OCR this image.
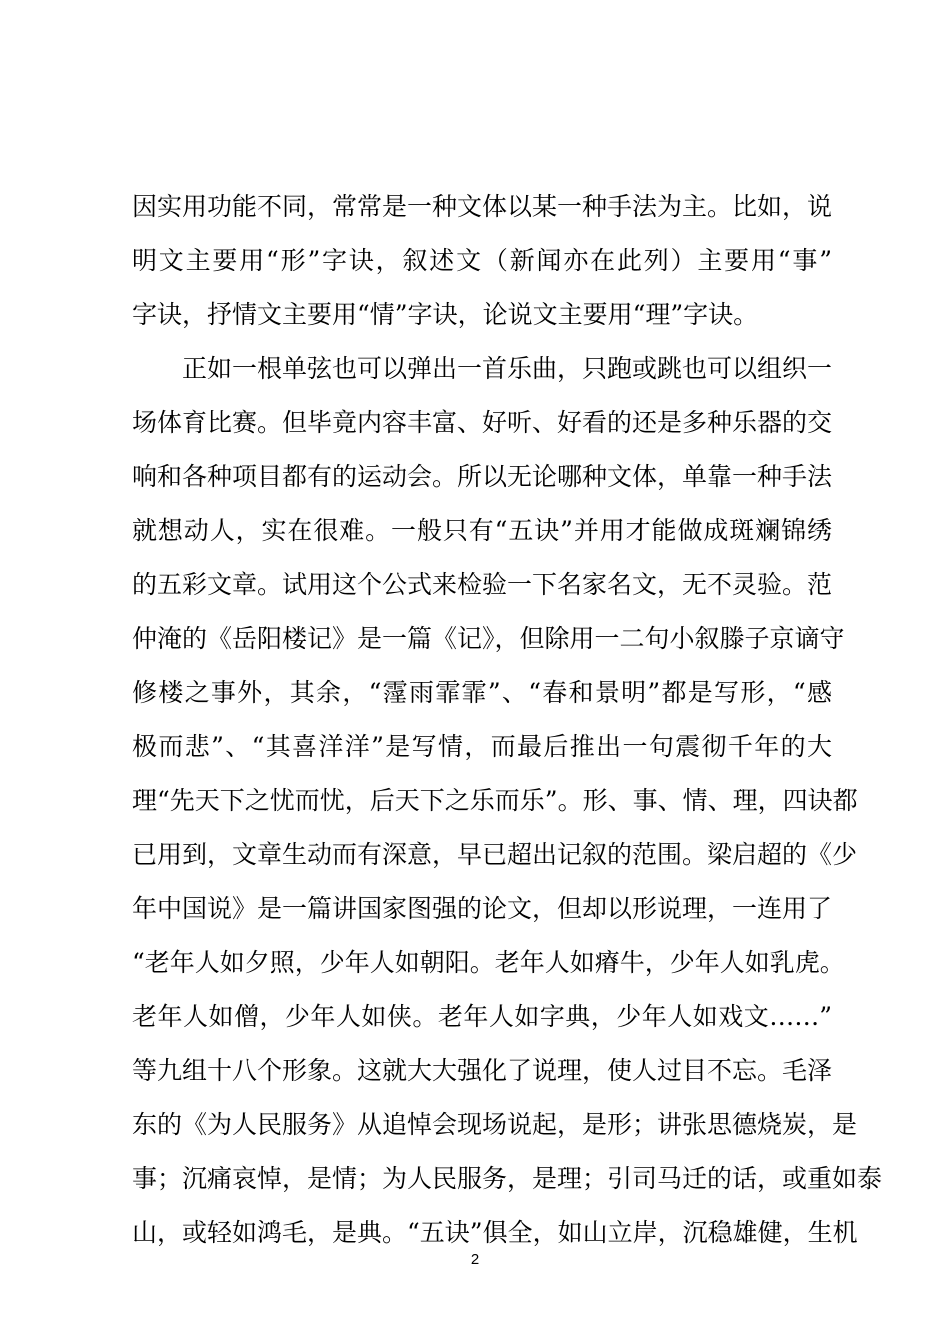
因实用功能不同，常常是一种文体以某一种手法为主。比如，说
明文主要用“形”字诀，叙述文（新闻亦在此列）主要用“事”
字诀，抒情文主要用“情”字诀，论说文主要用“理”字诀。
　　正如一根单弦也可以弹出一首乐曲，只跑或跳也可以组织一
场体育比赛。但毕竟内容丰富、好听、好看的还是多种乐器的交
响和各种项目都有的运动会。所以无论哪种文体，单靠一种手法
就想动人，实在很难。一般只有“五诀”并用才能做成斑斓锦绣
的五彩文章。试用这个公式来检验一下名家名文，无不灵验。范
仲淹的《岳阳楼记》是一篇《记》，但除用一二句小叙滕子京谪守
修楼之事外，其余，“霪雨霏霏”、“春和景明”都是写形，“感
极而悲”、“其喜洋洋”是写情，而最后推出一句震彻千年的大
理“先天下之忧而忧，后天下之乐而乐”。形、事、情、理，四诀都
已用到，文章生动而有深意，早已超出记叙的范围。梁启超的《少
年中国说》是一篇讲国家图强的论文，但却以形说理，一连用了
“老年人如夕照，少年人如朝阳。老年人如瘠牛，少年人如乳虎。
老年人如僧，少年人如侠。老年人如字典，少年人如戏文……”
等九组十八个形象。这就大大强化了说理，使人过目不忘。毛泽
东的《为人民服务》从追悼会现场说起，是形；讲张思德烧炭，是
事；沉痛哀悼，是情；为人民服务，是理；引司马迁的话，或重如泰
山，或轻如鸿毛，是典。“五诀”俱全，如山立岸，沉稳雄健，生机
2
